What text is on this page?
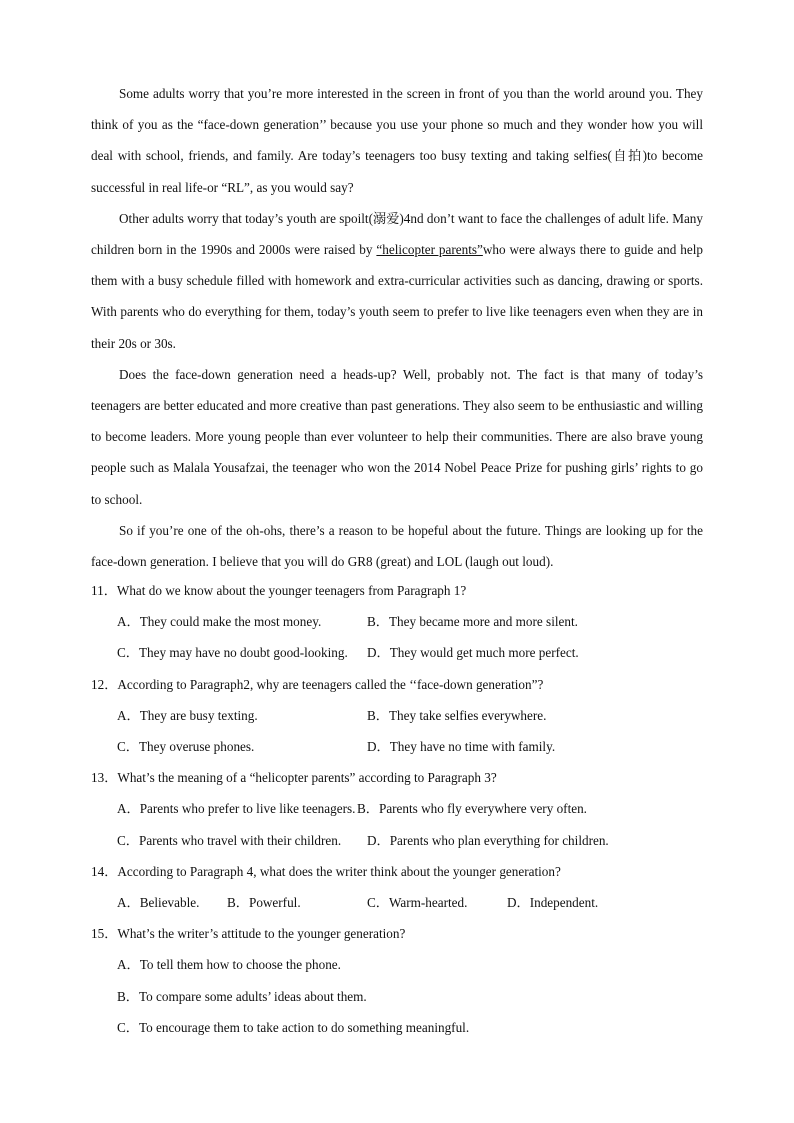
Some adults worry that you’re more interested in the screen in front of you than the world around you. They think of you as the “face-down generation’’ because you use your phone so much and they wonder how you will deal with school, friends, and family. Are today’s teenagers too busy texting and taking selfies(自拍)to become successful in real life-or “RL”, as you would say?

Other adults worry that today’s youth are spoilt(溺爱)4nd don’t want to face the challenges of adult life. Many children born in the 1990s and 2000s were raised by “helicopter parents”who were always there to guide and help them with a busy schedule filled with homework and extra-curricular activities such as dancing, drawing or sports. With parents who do everything for them, today’s youth seem to prefer to live like teenagers even when they are in their 20s or 30s.

Does the face-down generation need a heads-up? Well, probably not. The fact is that many of today’s teenagers are better educated and more creative than past generations. They also seem to be enthusiastic and willing to become leaders. More young people than ever volunteer to help their communities. There are also brave young people such as Malala Yousafzai, the teenager who won the 2014 Nobel Peace Prize for pushing girls’ rights to go to school.

So if you’re one of the oh-ohs, there’s a reason to be hopeful about the future. Things are looking up for the face-down generation. I believe that you will do GR8 (great) and LOL (laugh out loud).

11．What do we know about the younger teenagers from Paragraph 1?

A．They could make the most money.	B．They became more and more silent.
C．They may have no doubt good-looking.	D．They would get much more perfect.

12．According to Paragraph2, why are teenagers called the ‘‘face-down generation”?

A．They are busy texting.	B．They take selfies everywhere.
C．They overuse phones.	D．They have no time with family.

13．What’s the meaning of a “helicopter parents” according to Paragraph 3?

A．Parents who prefer to live like teenagers. B．Parents who fly everywhere very often.
C．Parents who travel with their children.	D．Parents who plan everything for children.

14．According to Paragraph 4, what does the writer think about the younger generation?

A．Believable.	B．Powerful.	C．Warm-hearted.	D．Independent.

15．What’s the writer’s attitude to the younger generation?

A．To tell them how to choose the phone.
B．To compare some adults’ ideas about them.
C．To encourage them to take action to do something meaningful.
